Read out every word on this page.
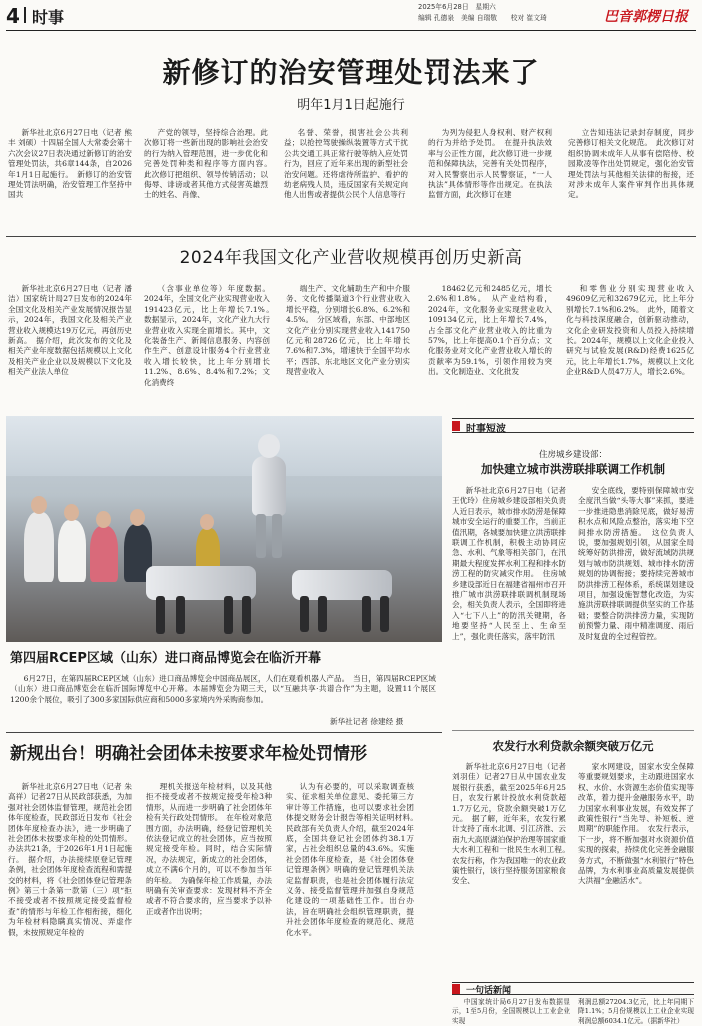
4 时事
2025年6月28日　星期六
编辑 孔德泉　美编 自瑞敬　　校对 崔文琦	巴音郭楞日报
新修订的治安管理处罚法来了
明年1月1日起施行

新华社北京6月27日电（记者 熊丰 刘硕）十四届全国人大常委会第十六次会议27日表决通过新修订的治安管理处罚法，共6章144条，自2026年1月1日起施行。　新修订的治安管理处罚法明确，治安管理工作坚持中国共

产党的领导，坚持综合治理。此次修订将一些新出现的影响社会治安的行为纳入管理范围，进一步优化和完善处罚种类和程序等方面内容。　此次修订把组织、领导传销活动；以侮辱、诽谤或者其他方式侵害英雄烈士的姓名、肖像、

名誉、荣誉，损害社会公共利益；以抢控驾驶操纵装置等方式干扰公共交通工具正常行驶等纳入应处罚行为，回应了近年来出现的新型社会治安问题。还将虐待所监护、看护的幼老病残人员，违反国家有关规定向他人出售或者提供公民个人信息等行

为列为侵犯人身权利、财产权利的行为并给予处罚。　在提升执法效率与公正性方面，此次修订进一步规范和保障执法，完善有关处罚程序，对入民警察出示人民警察证，“一人执法”具体情形等作出规定。在执法监督方面，此次修订在建

立告知违法记录封存制度，同步完善修订相关文化规范。　此次修订对组织协调未成年人从事有偿陪侍、校园欺凌等作出处罚规定，强化治安管理处罚法与其他相关法律的衔接，还对涉未成年人案件审判作出具体规定。

2024年我国文化产业营收规模再创历史新高

新华社北京6月27日电（记者 潘洁）国家统计局27日发布的2024年全国文化及相关产业发展情况报告显示，2024年，我国文化及相关产业营业收入规模达19万亿元，再创历史新高。　据介绍，此次发布的文化及相关产业年度数据包括规模以上文化及相关产业企业以及规模以下文化及相关产业法人单位

（含事业单位等）年度数据。2024年，全国文化产业实现营业收入191423亿元，比上年增长7.1%。　数据显示，2024年，文化产业九大行业营业收入实现全面增长。其中，文化装备生产、新闻信息服务、内容创作生产、创意设计服务4个行业营业收入增长较快，比上年分别增长11.2%、8.6%、8.4%和7.2%；文化消费终

端生产、文化辅助生产和中介服务、文化传播渠道3个行业营业收入增长平稳，分别增长6.8%、6.2%和4.5%。　分区域看，东部、中部地区文化产业分别实现营业收入141750亿元和28726亿元，比上年增长7.6%和7.3%，增速快于全国平均水平；西部、东北地区文化产业分别实现营业收入

18462亿元和2485亿元，增长2.6%和1.8%。　从产业结构看，2024年，文化服务业实现营业收入109134亿元，比上年增长7.4%，占全部文化产业营业收入的比重为57%，比上年提高0.1个百分点；文化服务业对文化产业营业收入增长的贡献率为59.1%，引领作用较为突出。文化制造业、文化批发

和零售业分别实现营业收入49609亿元和32679亿元，比上年分别增长7.1%和6.2%。　此外，随着文化与科技深度融合，创新驱动推动，文化企业研发投资和人员投入持续增长。2024年，规模以上文化企业投入研究与试验发展(R&D)经费1625亿元，比上年增长1.7%，规模以上文化企业R&D人员47万人，增长2.6%。

第四届RCEP区域（山东）进口商品博览会在临沂开幕

6月27日，在第四届RCEP区域（山东）进口商品博览会中国商品展区，人们在观看机器人产品。　当日，第四届RCEP区域（山东）进口商品博览会在临沂国际博览中心开幕。本届博览会为期三天，以“互融共享·共谱合作”为主题，设置11个展区1200余个展位，吸引了300多家国际供应商和5000多家境内外采购商参加。

新华社记者 徐建经 摄
新规出台！明确社会团体未按要求年检处罚情形

新华社北京6月27日电（记者 朱高祥）记者27日从民政部获悉，为加强对社会团体监督管理，规范社会团体年度检查，民政部近日发布《社会团体年度检查办法》，进一步明确了社会团体未按要求年检的处罚情形。办法共21条，于2026年1月1日起施行。　据介绍，办法接续原登记管理条例，社会团体年度检查流程和需提交的材料，将《社会团体登记管理条例》第三十条第一款第（三）项“拒不接受或者不按照规定接受监督检查”的情形与年检工作相衔接，细化为年检材料隐瞒真实情况、弄虚作假，未按照规定年检的

理机关报送年检材料，以及其他拒不接受或者不按规定接受年检3种情形，从而进一步明确了社会团体年检有关行政处罚情形。　在年检对象范围方面，办法明确，经登记管理机关依法登记成立的社会团体，应当按照规定接受年检。同时，结合实际情况，办法规定，新成立的社会团体，成立不满6个月的，可以不参加当年的年检。　为确保年检工作质量，办法明确有关审查要求：发现材料不齐全或者不符合要求的，应当要求予以补正或者作出说明；

认为有必要的，可以采取调查核实、征求相关单位意见、委托第三方审计等工作措施，也可以要求社会团体提交财务会计报告等相关证明材料。　民政部有关负责人介绍，截至2024年底，全国共登记社会团体约38.1万家，占社会组织总量的43.6%。实施社会团体年度检查，是《社会团体登记管理条例》明确的登记管理机关法定监督职责，也是社会团体履行法定义务、接受监督管理并加强自身规范化建设的一项基础性工作。出台办法，旨在明确社会组织管理职责，提升社会团体年度检查的规范化、规范化水平。

时事短波
住房城乡建设部：
加快建立城市洪涝联排联调工作机制

新华社北京6月27日电（记者 王优玲）住房城乡建设部相关负责人近日表示，城市排水防涝是保障城市安全运行的重要工作，当前正值汛期，各城要加快建立洪涝联排联调工作机制，积极主动协同应急、水利、气象等相关部门，在汛期最大程度发挥水利工程和排水防涝工程的防灾减灾作用。　住房城乡建设部近日在福建省福州市召开推广城市洪涝联排联调机制现场会，相关负责人表示，全国即将进入“七下八上”的防汛关键期，各地要坚持“人民至上、生命至上”，强化责任落实，落牢防汛

安全底线，要特别保障城市安全度汛当做“头等大事”来抓，要进一步推进隐患消除见底，做好易涝积水点和风险点整治，落实地下空间排水防涝措施。　这位负责人说，要加强规划引领，从国家全局统筹好防洪排涝，做好流域防洪规划与城市防洪规划、城市排水防涝规划的协调衔接；要持续完善城市防洪排涝工程体系，系统谋划建设项目，加强设施智慧化改造，为实施洪涝联排联调提供坚实的工作基础；要整合防洪排涝力量，实现防前预警力量、雨中精准调度、雨后及时复盘的全过程管控。

农发行水利贷款余额突破万亿元

新华社北京6月27日电（记者 刘羽佳）记者27日从中国农业发展银行获悉，截至2025年6月25日，农发行累计投放水利贷款超1.7万亿元，贷款余额突破1万亿元。　据了解，近年来，农发行累计支持了南水北调、引江济淮、云南九大高原湖泊保护治理等国家重大水利工程和一批民生水利工程。　农发行称，作为我国唯一的农业政策性银行，该行坚持服务国家粮食安全、

家水网建设，国家水安全保障等重要规划要求，主动跟进国家水权、水价、水资源生态价值实现等改革，着力提升金融服务水平，助力国家水利事业发展，有效发挥了政策性银行“当先导、补短板、逆周期”的职能作用。　农发行表示，下一步，将不断加强对水资源价值实现的探索，持续优化完善金融服务方式，不断做强“水利银行”特色品牌，为水利事业高质量发展提供大洪福“金融活水”。

一句话新闻

中国家统计局6月27日发布数据显示，1至5月份，全国规模以上工业企业实现

利润总额27204.3亿元，比上年同期下降1.1%；5月份规模以上工业企业实现利润总额6034.1亿元。（据新华社）
